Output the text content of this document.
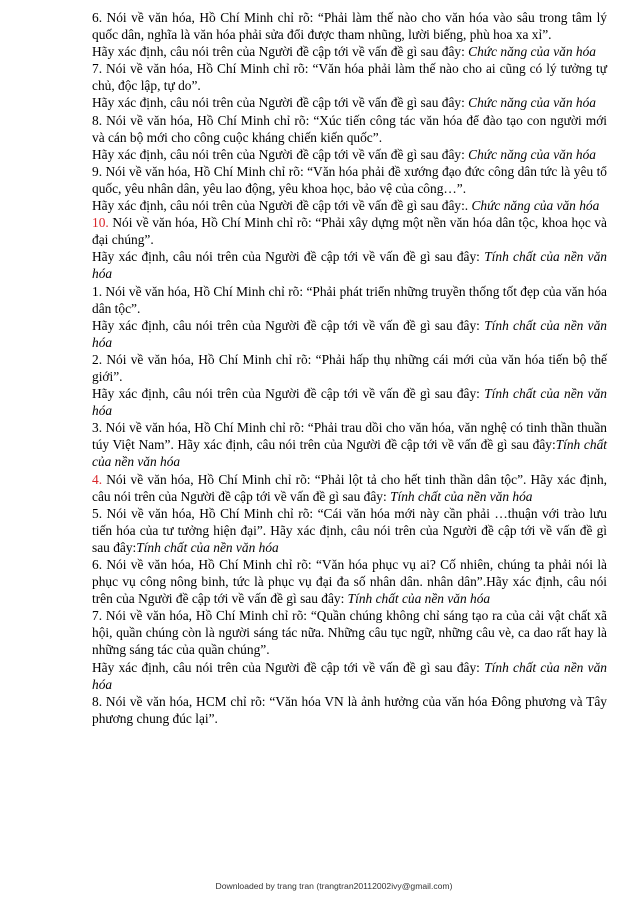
6. Nói về văn hóa, Hồ Chí Minh chỉ rõ: “Phải làm thế nào cho văn hóa vào sâu trong tâm lý quốc dân, nghĩa là văn hóa phải sửa đổi được tham nhũng, lười biếng, phù hoa xa xỉ”.
Hãy xác định, câu nói trên của Người đề cập tới về vấn đề gì sau đây: Chức năng của văn hóa

7. Nói về văn hóa, Hồ Chí Minh chỉ rõ: “Văn hóa phải làm thế nào cho ai cũng có lý tưởng tự chủ, độc lập, tự do”.
Hãy xác định, câu nói trên của Người đề cập tới về vấn đề gì sau đây: Chức năng của văn hóa

8. Nói về văn hóa, Hồ Chí Minh chỉ rõ: “Xúc tiến công tác văn hóa để đào tạo con người mới và cán bộ mới cho công cuộc kháng chiến kiến quốc”.
Hãy xác định, câu nói trên của Người đề cập tới về vấn đề gì sau đây: Chức năng của văn hóa

9. Nói về văn hóa, Hồ Chí Minh chỉ rõ: “Văn hóa phải đề xướng đạo đức công dân tức là yêu tổ quốc, yêu nhân dân, yêu lao động, yêu khoa học, bảo vệ của công…”.
Hãy xác định, câu nói trên của Người đề cập tới về vấn đề gì sau đây:. Chức năng của văn hóa

10. Nói về văn hóa, Hồ Chí Minh chỉ rõ: “Phải xây dựng một nền văn hóa dân tộc, khoa học và đại chúng”.
Hãy xác định, câu nói trên của Người đề cập tới về vấn đề gì sau đây: Tính chất của nền văn hóa

1. Nói về văn hóa, Hồ Chí Minh chỉ rõ: “Phải phát triển những truyền thống tốt đẹp của văn hóa dân tộc”.
Hãy xác định, câu nói trên của Người đề cập tới về vấn đề gì sau đây: Tính chất của nền văn hóa

2. Nói về văn hóa, Hồ Chí Minh chỉ rõ: “Phải hấp thụ những cái mới của văn hóa tiến bộ thế giới”.
Hãy xác định, câu nói trên của Người đề cập tới về vấn đề gì sau đây: Tính chất của nền văn hóa

3. Nói về văn hóa, Hồ Chí Minh chỉ rõ: “Phải trau dồi cho văn hóa, văn nghệ có tinh thần thuần túy Việt Nam”. Hãy xác định, câu nói trên của Người đề cập tới về vấn đề gì sau đây:Tính chất của nền văn hóa

4. Nói về văn hóa, Hồ Chí Minh chỉ rõ: “Phải lột tả cho hết tinh thần dân tộc”. Hãy xác định, câu nói trên của Người đề cập tới về vấn đề gì sau đây: Tính chất của nền văn hóa

5. Nói về văn hóa, Hồ Chí Minh chỉ rõ: “Cái văn hóa mới này cần phải …thuận với trào lưu tiến hóa của tư tưởng hiện đại”. Hãy xác định, câu nói trên của Người đề cập tới về vấn đề gì sau đây:Tính chất của nền văn hóa

6. Nói về văn hóa, Hồ Chí Minh chỉ rõ: “Văn hóa phục vụ ai? Cố nhiên, chúng ta phải nói là phục vụ công nông binh, tức là phục vụ đại đa số nhân dân. nhân dân”.Hãy xác định, câu nói trên của Người đề cập tới về vấn đề gì sau đây: Tính chất của nền văn hóa

7. Nói về văn hóa, Hồ Chí Minh chỉ rõ: “Quần chúng không chỉ sáng tạo ra của cải vật chất xã hội, quần chúng còn là người sáng tác nữa. Những câu tục ngữ, những câu vè, ca dao rất hay là những sáng tác của quần chúng”.
Hãy xác định, câu nói trên của Người đề cập tới về vấn đề gì sau đây: Tính chất của nền văn hóa

8. Nói về văn hóa, HCM chỉ rõ: “Văn hóa VN là ảnh hưởng của văn hóa Đông phương và Tây phương chung đúc lại”.

Downloaded by trang tran (trangtran20112002ivy@gmail.com)
